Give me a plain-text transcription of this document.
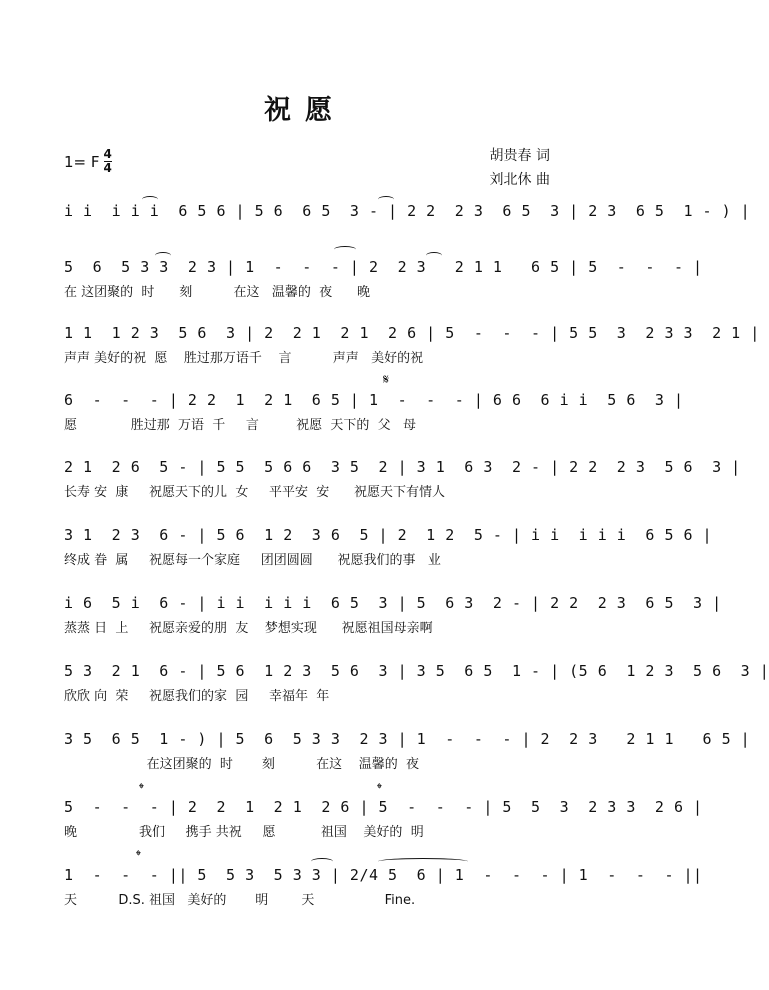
祝愿
1= F $\frac{4}{4}$	胡贵春 词
刘北休 曲
i i  i i i  6 5 6 | 5 6  6 5  3 - | 2 2  2 3  6 5  3 | 2 3  6 5  1 - ) |
5  6  5 3 3  2 3 | 1  -  -  - | 2  2 3   2 1 1   6 5 | 5  -  -  - |
在 这团聚的  时      刻          在这   温馨的  夜      晚
1 1  1 2 3  5 6  3 | 2  2 1  2 1  2 6 | 5  -  -  - | 5 5  3  2 3 3  2 1 |
声声 美好的祝  愿    胜过那万语千    言          声声   美好的祝
6  -  -  - | 2 2  1  2 1  6 5 | 1  -  -  - | 6 6  6 i i  5 6  3 |
愿             胜过那  万语  千     言         祝愿  天下的  父   母
2 1  2 6  5 - | 5 5  5 6 6  3 5  2 | 3 1  6 3  2 - | 2 2  2 3  5 6  3 |
长寿 安  康     祝愿天下的儿  女     平平安  安      祝愿天下有情人
3 1  2 3  6 - | 5 6  1 2  3 6  5 | 2  1 2  5 - | i i  i i i  6 5 6 |
终成 眷  属     祝愿每一个家庭     团团圆圆      祝愿我们的事   业
i 6  5 i  6 - | i i  i i i  6 5  3 | 5  6 3  2 - | 2 2  2 3  6 5  3 |
蒸蒸 日  上     祝愿亲爱的朋  友    梦想实现      祝愿祖国母亲啊
5 3  2 1  6 - | 5 6  1 2 3  5 6  3 | 3 5  6 5  1 - | (5 6  1 2 3  5 6  3 |
欣欣 向  荣     祝愿我们的家  园     幸福年  年
3 5  6 5  1 - ) | 5  6  5 3 3  2 3 | 1  -  -  - | 2  2 3   2 1 1   6 5 |
在这团聚的  时       刻          在这    温馨的  夜
5  -  -  - | 2  2  1  2 1  2 6 | 5  -  -  - | 5  5  3  2 3 3  2 6 |
晚               我们     携手 共祝     愿           祖国    美好的  明
1  -  -  - || 5  5 3  5 3 3 | 2/4 5  6 | 1  -  -  - | 1  -  -  - ||
天          D.S. 祖国   美好的       明        天                 Fine.
𝄋
𝄌	𝄌
𝄌
